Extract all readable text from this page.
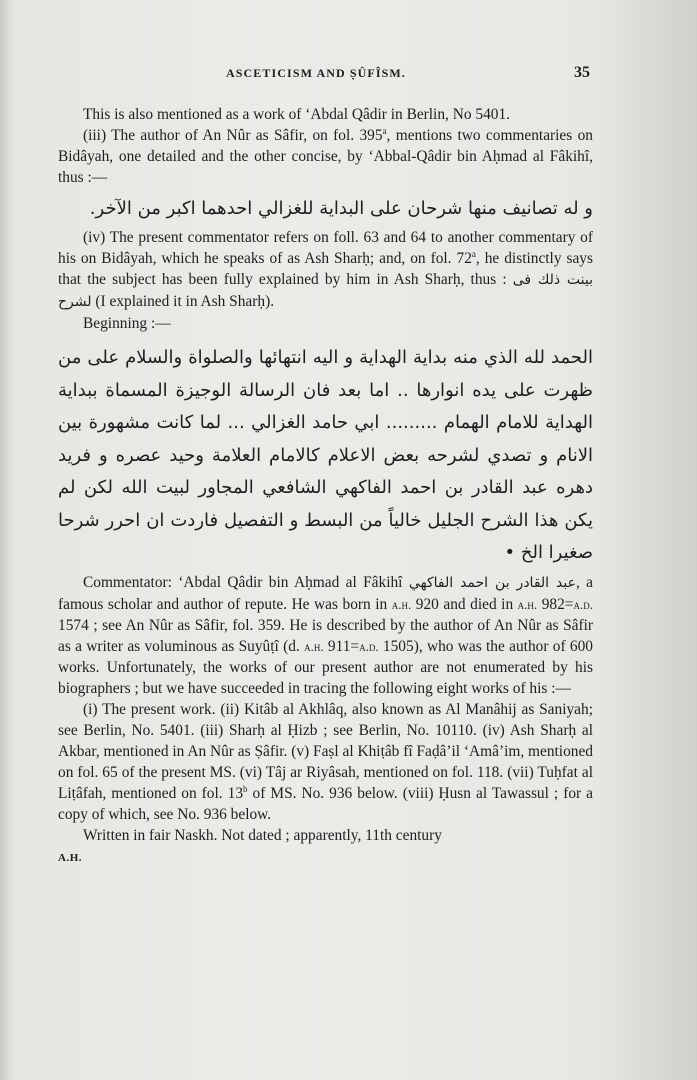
ASCETICISM AND ṢÛFÎSM.	35

This is also mentioned as a work of ‘Abdal Qâdir in Berlin, No 5401.

(iii) The author of An Nûr as Sâfir, on fol. 395$^a$, mentions two commentaries on Bidâyah, one detailed and the other concise, by ‘Abbal-Qâdir bin Aḥmad al Fâkihî, thus :—

و له تصانيف منها شرحان على البداية للغزالي احدهما اكبر من الآخر.

(iv) The present commentator refers on foll. 63 and 64 to another commentary of his on Bidâyah, which he speaks of as Ash Sharḥ; and, on fol. 72$^a$, he distinctly says that the subject has been fully explained by him in Ash Sharḥ, thus : بينت ذلك فى لشرح (I explained it in Ash Sharḥ).

Beginning :—

الحمد لله الذي منه بداية الهداية و اليه انتهائها والصلواة والسلام على من ظهرت على يده انوارها .. اما بعد فان الرسالة الوجيزة المسماة ببداية الهداية للامام الهمام ......... ابي حامد الغزالي ... لما كانت مشهورة بين الانام و تصدي لشرحه بعض الاعلام كالامام العلامة وحيد عصره و فريد دهره عبد القادر بن احمد الفاكهي الشافعي المجاور لبيت الله لكن لم يكن هذا الشرح الجليل خالياً من البسط و التفصيل فاردت ان احرر شرحا صغيرا الخ •

Commentator: ‘Abdal Qâdir bin Aḥmad al Fâkihî عبد القادر بن احمد الفاكهي, a famous scholar and author of repute. He was born in a.h. 920 and died in a.h. 982=a.d. 1574 ; see An Nûr as Sâfir, fol. 359. He is described by the author of An Nûr as Sâfir as a writer as voluminous as Suyûṭî (d. a.h. 911=a.d. 1505), who was the author of 600 works. Unfortunately, the works of our present author are not enumerated by his biographers ; but we have succeeded in tracing the following eight works of his :—

(i) The present work. (ii) Kitâb al Akhlâq, also known as Al Manâhij as Saniyah; see Berlin, No. 5401. (iii) Sharḥ al Ḥizb ; see Berlin, No. 10110. (iv) Ash Sharḥ al Akbar, mentioned in An Nûr as Ṣâfir. (v) Faṣl al Khiṭâb fî Faḍâ’il ‘Amâ’im, mentioned on fol. 65 of the present MS. (vi) Tâj ar Riyâsah, mentioned on fol. 118. (vii) Tuḥfat al Liṭâfah, mentioned on fol. 13$^b$ of MS. No. 936 below. (viii) Ḥusn al Tawassul ; for a copy of which, see No. 936 below.

Written in fair Naskh. Not dated ; apparently, 11th century

A.H.
